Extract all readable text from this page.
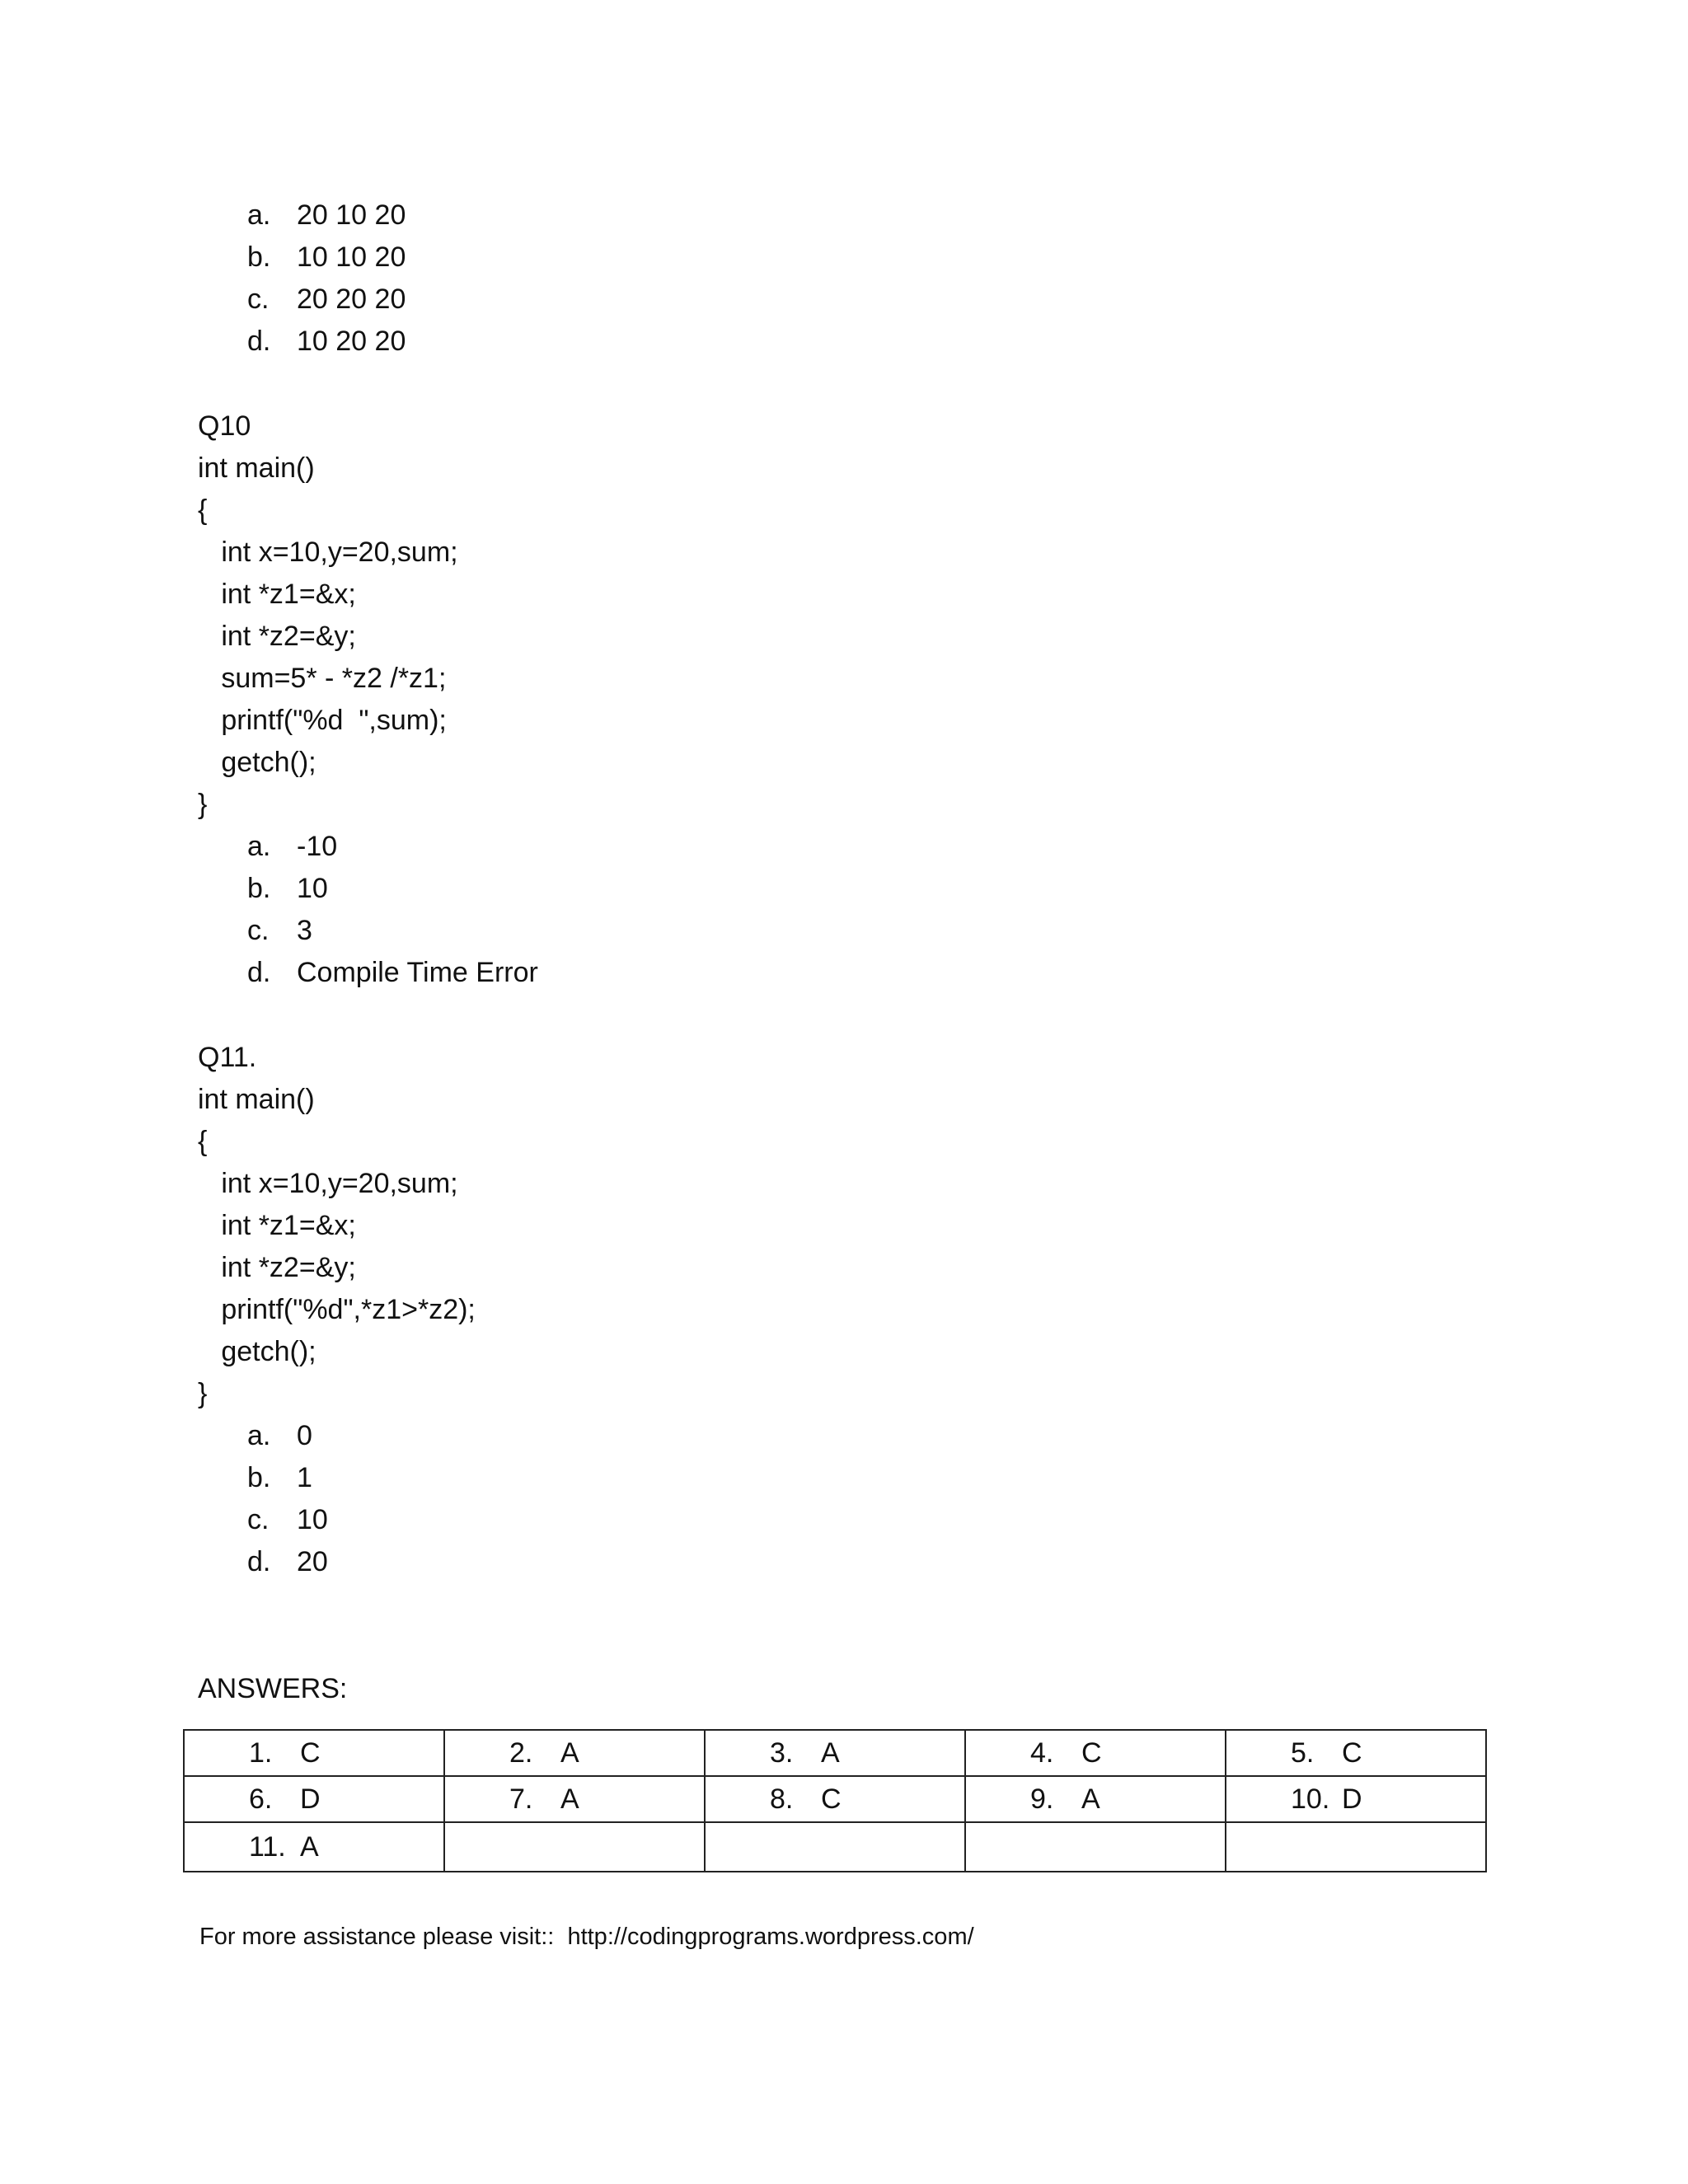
a. 20 10 20
b. 10 10 20
c. 20 20 20
d. 10 20 20
Q10
int main()
{
int x=10,y=20,sum;
int *z1=&x;
int *z2=&y;
sum=5* - *z2 /*z1;
printf("%d  ",sum);
getch();
}
a. -10
b. 10
c. 3
d. Compile Time Error
Q11.
int main()
{
int x=10,y=20,sum;
int *z1=&x;
int *z2=&y;
printf("%d",*z1>*z2);
getch();
}
a. 0
b. 1
c. 10
d. 20
ANSWERS:
1. C	2. A	3. A	4. C	5. C

6. D	7. A	8. C	9. A	10. D

11. A				

For more assistance please visit::  http://codingprograms.wordpress.com/
